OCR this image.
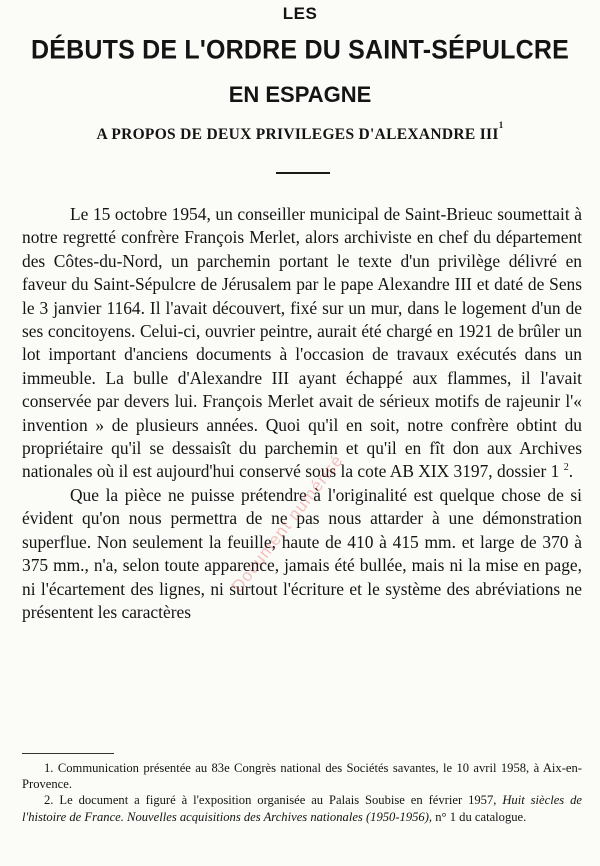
LES
DÉBUTS DE L'ORDRE DU SAINT-SÉPULCRE
EN ESPAGNE
A PROPOS DE DEUX PRIVILEGES D'ALEXANDRE III$^1$

Le 15 octobre 1954, un conseiller municipal de Saint-Brieuc soumettait à notre regretté confrère François Merlet, alors archiviste en chef du département des Côtes-du-Nord, un parchemin portant le texte d'un privilège délivré en faveur du Saint-Sépulcre de Jérusalem par le pape Alexandre III et daté de Sens le 3 janvier 1164. Il l'avait découvert, fixé sur un mur, dans le logement d'un de ses concitoyens. Celui-ci, ouvrier peintre, aurait été chargé en 1921 de brûler un lot important d'anciens documents à l'occasion de travaux exécutés dans un immeuble. La bulle d'Alexandre III ayant échappé aux flammes, il l'avait conservée par devers lui. François Merlet avait de sérieux motifs de rajeunir l'« invention » de plusieurs années. Quoi qu'il en soit, notre confrère obtint du propriétaire qu'il se dessaisît du parchemin et qu'il en fît don aux Archives nationales où il est aujourd'hui conservé sous la cote AB XIX 3197, dossier 1 $^2$.

Que la pièce ne puisse prétendre à l'originalité est quelque chose de si évident qu'on nous permettra de ne pas nous attarder à une démonstration superflue. Non seulement la feuille, haute de 410 à 415 mm. et large de 370 à 375 mm., n'a, selon toute apparence, jamais été bullée, mais ni la mise en page, ni l'écartement des lignes, ni surtout l'écriture et le système des abréviations ne présentent les caractères

1. Communication présentée au 83e Congrès national des Sociétés savantes, le 10 avril 1958, à Aix-en-Provence.

2. Le document a figuré à l'exposition organisée au Palais Soubise en février 1957, Huit siècles de l'histoire de France. Nouvelles acquisitions des Archives nationales (1950-1956), n° 1 du catalogue.

Document numérisé
